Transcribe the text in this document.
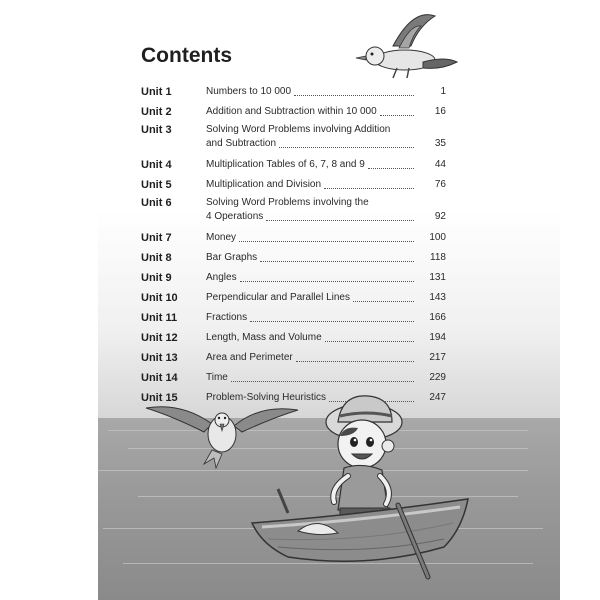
Contents
Unit 1	Numbers to 10 000	1
Unit 2	Addition and Subtraction within 10 000	16
Unit 3	Solving Word Problems involving Addition
and Subtraction	35
Unit 4	Multiplication Tables of 6, 7, 8 and 9	44
Unit 5	Multiplication and Division	76
Unit 6	Solving Word Problems involving the
4 Operations	92
Unit 7	Money	100
Unit 8	Bar Graphs	118
Unit 9	Angles	131
Unit 10	Perpendicular and Parallel Lines	143
Unit 11	Fractions	166
Unit 12	Length, Mass and Volume	194
Unit 13	Area and Perimeter	217
Unit 14	Time	229
Unit 15	Problem-Solving Heuristics	247
